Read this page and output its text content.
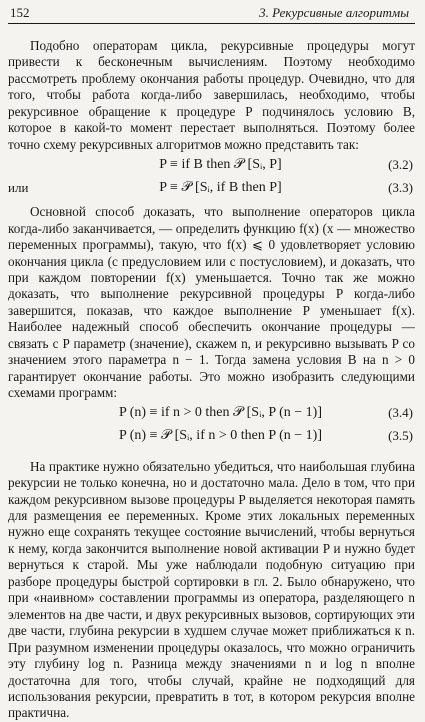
152	3. Рекурсивные алгоритмы

Подобно операторам цикла, рекурсивные процедуры могут привести к бесконечным вычислениям. Поэтому необходимо рассмотреть проблему окончания работы процедур. Очевидно, что для того, чтобы работа когда-либо завершилась, необходимо, чтобы рекурсивное обращение к процедуре P подчинялось условию B, которое в какой-то момент перестает выполняться. Поэтому более точно схему рекурсивных алгоритмов можно представить так:

P ≡ if B then 𝒫 [Sᵢ, P]	(3.2)
или	P ≡ 𝒫 [Sᵢ, if B then P]	(3.3)

Основной способ доказать, что выполнение операторов цикла когда-либо заканчивается, — определить функцию f(x) (x — множество переменных программы), такую, что f(x) ⩽ 0 удовлетворяет условию окончания цикла (с предусловием или с постусловием), и доказать, что при каждом повторении f(x) уменьшается. Точно так же можно доказать, что выполнение рекурсивной процедуры P когда-либо завершится, показав, что каждое выполнение P уменьшает f(x). Наиболее надежный способ обеспечить окончание процедуры — связать с P параметр (значение), скажем n, и рекурсивно вызывать P со значением этого параметра n − 1. Тогда замена условия B на n > 0 гарантирует окончание работы. Это можно изобразить следующими схемами программ:

P (n) ≡ if n > 0 then 𝒫 [Sᵢ, P (n − 1)]	(3.4)
P (n) ≡ 𝒫 [Sᵢ, if n > 0 then P (n − 1)]	(3.5)

На практике нужно обязательно убедиться, что наибольшая глубина рекурсии не только конечна, но и достаточно мала. Дело в том, что при каждом рекурсивном вызове процедуры P выделяется некоторая память для размещения ее переменных. Кроме этих локальных переменных нужно еще сохранять текущее состояние вычислений, чтобы вернуться к нему, когда закончится выполнение новой активации P и нужно будет вернуться к старой. Мы уже наблюдали подобную ситуацию при разборе процедуры быстрой сортировки в гл. 2. Было обнаружено, что при «наивном» составлении программы из оператора, разделяющего n элементов на две части, и двух рекурсивных вызовов, сортирующих эти две части, глубина рекурсии в худшем случае может приближаться к n. При разумном изменении процедуры оказалось, что можно ограничить эту глубину log n. Разница между значениями n и log n вполне достаточна для того, чтобы случай, крайне не подходящий для использования рекурсии, превратить в тот, в котором рекурсия вполне практична.
